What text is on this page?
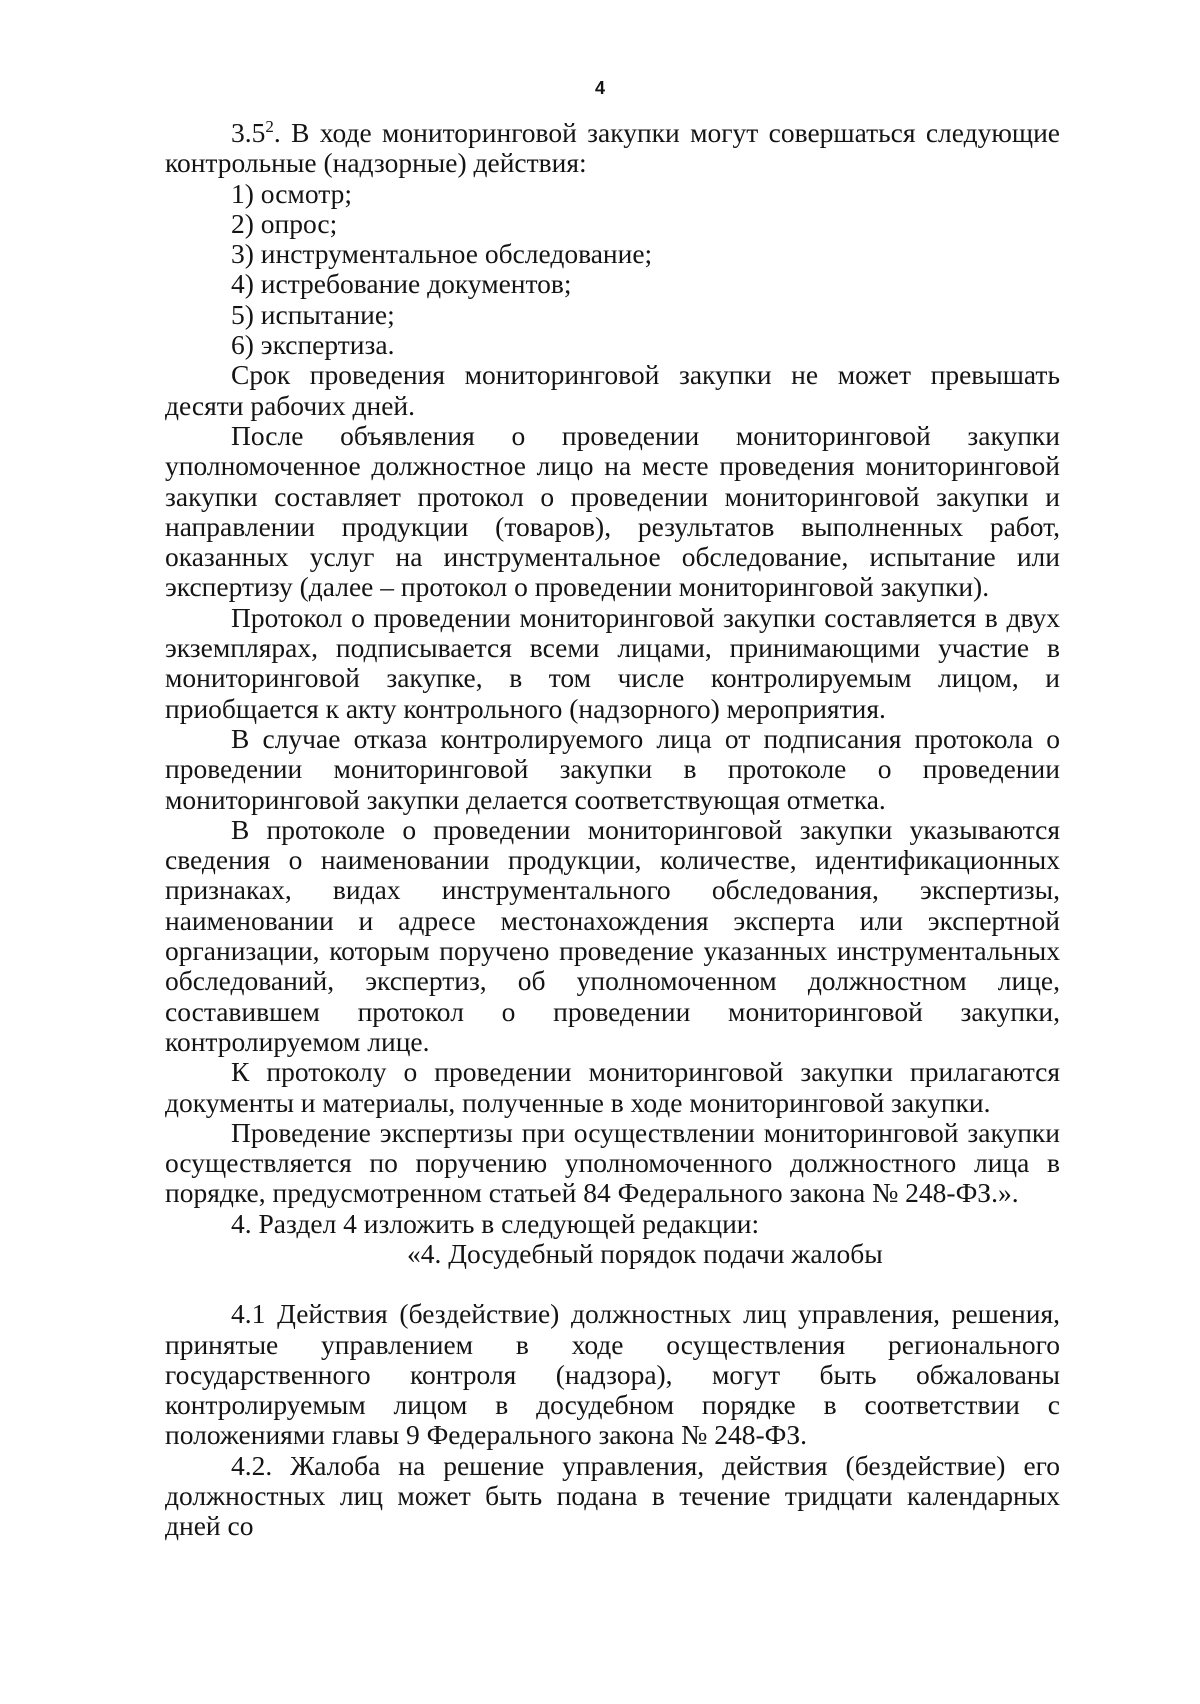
4

$3.5^2$. В ходе мониторинговой закупки могут совершаться следующие контрольные (надзорные) действия:

1) осмотр;

2) опрос;

3) инструментальное обследование;

4) истребование документов;

5) испытание;

6) экспертиза.

Срок проведения мониторинговой закупки не может превышать десяти рабочих дней.

После объявления о проведении мониторинговой закупки уполномоченное должностное лицо на месте проведения мониторинговой закупки составляет протокол о проведении мониторинговой закупки и направлении продукции (товаров), результатов выполненных работ, оказанных услуг на инструментальное обследование, испытание или экспертизу (далее – протокол о проведении мониторинговой закупки).

Протокол о проведении мониторинговой закупки составляется в двух экземплярах, подписывается всеми лицами, принимающими участие в мониторинговой закупке, в том числе контролируемым лицом, и приобщается к акту контрольного (надзорного) мероприятия.

В случае отказа контролируемого лица от подписания протокола о проведении мониторинговой закупки в протоколе о проведении мониторинговой закупки делается соответствующая отметка.

В протоколе о проведении мониторинговой закупки указываются сведения о наименовании продукции, количестве, идентификационных признаках, видах инструментального обследования, экспертизы, наименовании и адресе местонахождения эксперта или экспертной организации, которым поручено проведение указанных инструментальных обследований, экспертиз, об уполномоченном должностном лице, составившем протокол о проведении мониторинговой закупки, контролируемом лице.

К протоколу о проведении мониторинговой закупки прилагаются документы и материалы, полученные в ходе мониторинговой закупки.

Проведение экспертизы при осуществлении мониторинговой закупки осуществляется по поручению уполномоченного должностного лица в порядке, предусмотренном статьей 84 Федерального закона № 248-ФЗ.».

4. Раздел 4 изложить в следующей редакции:

«4. Досудебный порядок подачи жалобы

4.1 Действия (бездействие) должностных лиц управления, решения, принятые управлением в ходе осуществления регионального государственного контроля (надзора), могут быть обжалованы контролируемым лицом в досудебном порядке в соответствии с положениями главы 9 Федерального закона № 248-ФЗ.

4.2. Жалоба на решение управления, действия (бездействие) его должностных лиц может быть подана в течение тридцати календарных дней со
